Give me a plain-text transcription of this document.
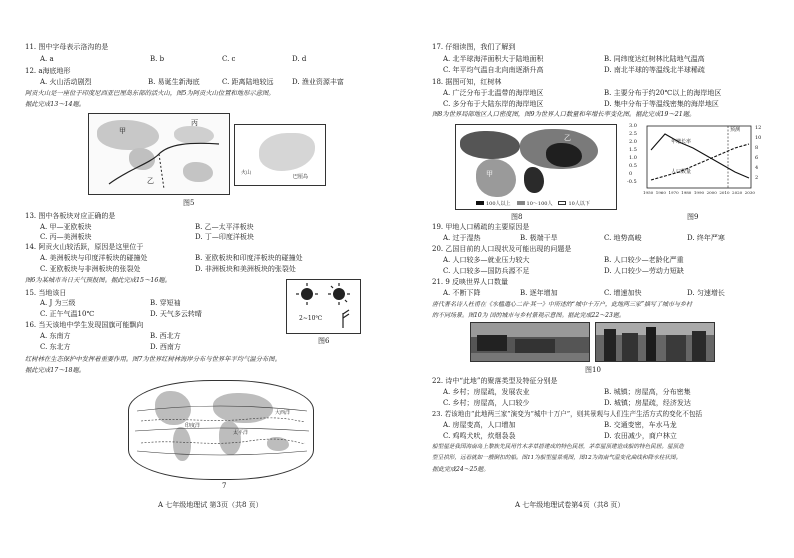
11. 图中字母表示洛沟的是
A. a	B. b	C. c	D. d
12. a海底地形
A. 火山活动剧烈	B. 易诞生新海底	C. 距离陆地较远	D. 渔业资源丰富
阿贡火山是一座位于印度尼西亚巴厘岛东部的活火山，图5为阿贡火山位置和地形示意图。
据此完成13～14题。
甲
丙
乙
火山
巴厘岛
图5
13. 图中各板块对应正确的是
A. 甲—亚欧板块	B. 乙—太平洋板块
C. 丙—美洲板块	D. 丁—印度洋板块
14. 阿贡火山较活跃，原因是这里位于
A. 美洲板块与印度洋板块的碰撞处	B. 亚欧板块和印度洋板块的碰撞处
C. 亚欧板块与非洲板块的张裂处	D. 非洲板块和美洲板块的张裂处
图6为某城市当日天气预报图。据此完成15～16题。
15. 当地该日
A. J 为三级	B. 穿短袖
C. 正午气温10℃	D. 天气多云转晴
16. 当天该地中学生发现国旗可能飘向
A. 东南方	B. 西北方
C. 东北方	D. 西南方
2~10℃
图6
红树林在生态保护中发挥着重要作用。图7为世界红树林海岸分布与世界年平均气温分布图。
据此完成17～18题。
印度洋
太平洋
大西洋
7
A 七年级地理试 第3页（共8 页）
17. 仔细读图，我们了解到
A. 北半球海洋面积大于陆地面积	B. 同纬度达红树林比陆地气温高
C. 年平均气温自北向南逐渐升高	D. 南北半球的等温线北半球稀疏
18. 据图可知，红树林
A. 广泛分布于北温带的海岸地区	B. 主要分布于约20℃以上的海岸地区
C. 多分布于大陆东岸的海岸地区	D. 集中分布于等温线密集的海岸地区
图8为世界局部地区人口密度图，图9为世界人口数量和年增长率变化图。据此完成19～21题。
甲
乙
100人以上	10～100人	10人以下
图8
3.0
2.5
2.0
1.5
1.0
0.5
0
-0.5
12
10
8
6
4
2
预测
年增长率
人口数量
1950 1960 1970 1980 1990 2000 2010 2020 2030
图9
19. 甲地人口稀疏的主要原因是
A. 过于湿热	B. 极端干旱	C. 地势高峻	D. 终年严寒
20. 乙国目前的人口现状及可能出现的问题是
A. 人口较多—就业压力较大	B. 人口较少—老龄化严重
C. 人口较多—国防兵源不足	D. 人口较少—劳动力短缺
21. 9 反映世界人口数量
A. 不断下降	B. 逐年增加	C. 增速加快	D. 匀速增长
唐代著名诗人杜甫在《水槛遣心二首·其一》中所述的“城中十万户，此地两三家”描写了城市与乡村
的不同场景。图10为 国的城市与乡村景观示意图。据此完成22～23题。
图10
22. 诗中“此地”的聚落类型及特征分别是
A. 乡村；房屋疏，发展农业	B. 城镇；房屋高，分布密集
C. 乡村；房屋高，人口较少	D. 城镇；房屋疏，经济发达
23. 若该地由“此地两三家”演变为“城中十万户”，则其景观与人们生产生活方式的变化不包括
A. 房屋变高，人口增加	B. 交通变密，车水马龙
C. 鸡鸣犬吠，炊烟袅袅	D. 农田减少，商户林立
船型屋是我国海南岛上黎族先民用竹木茅草搭建成的特色民居，茅草屋顶建造成船的特色民居。屋顶造
型呈拱形，远看就如一艘倒扣的船。图11为船型屋景观图，图12为海南气温变化曲线和降水柱状图。
据此完成24～25题。
A 七年级地理试卷第4页（共8 页）
